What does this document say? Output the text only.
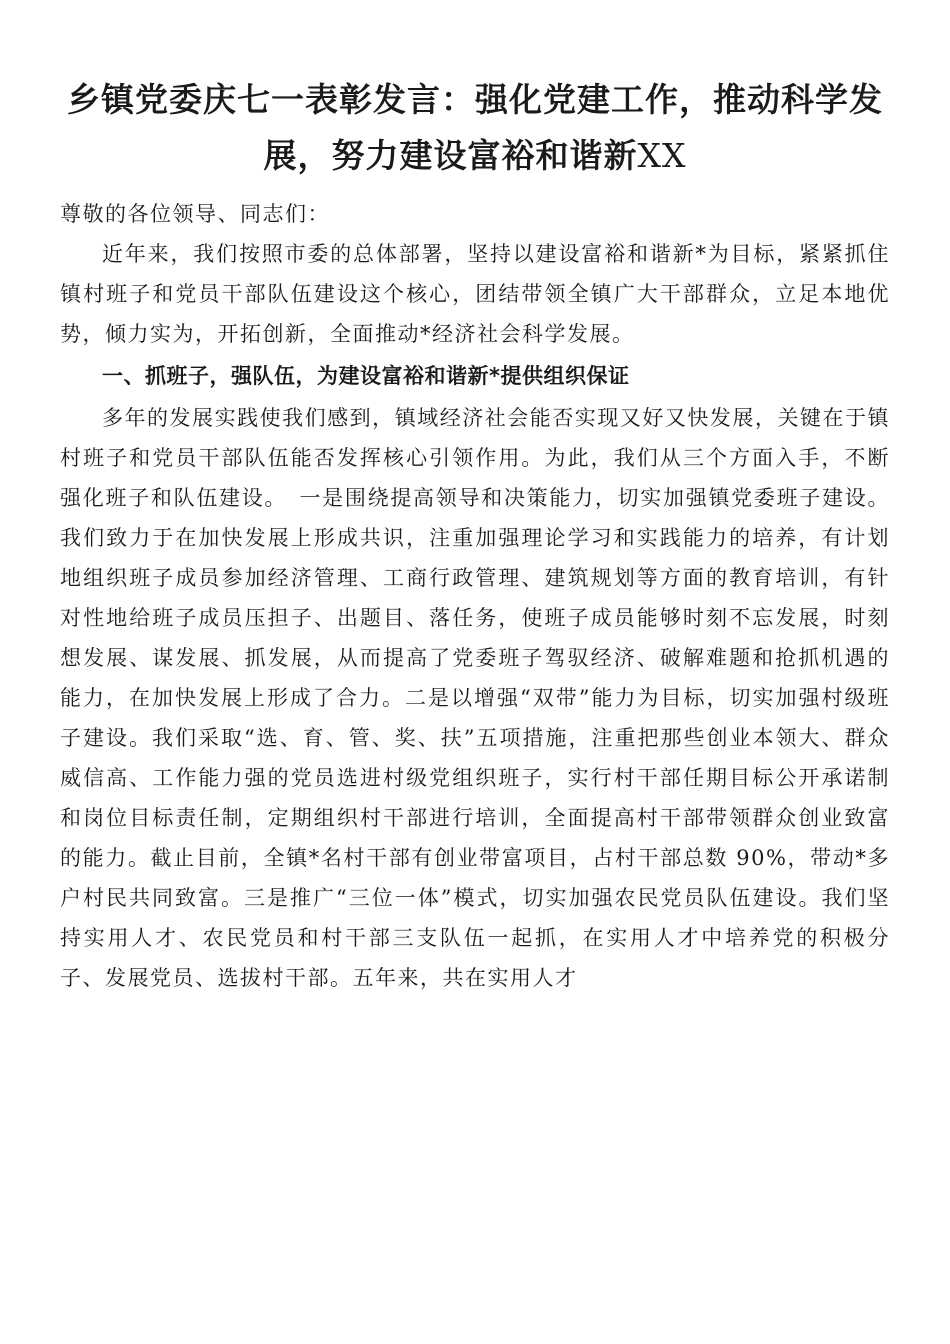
乡镇党委庆七一表彰发言：强化党建工作，推动科学发展，努力建设富裕和谐新XX

尊敬的各位领导、同志们：

近年来，我们按照市委的总体部署，坚持以建设富裕和谐新*为目标，紧紧抓住镇村班子和党员干部队伍建设这个核心，团结带领全镇广大干部群众，立足本地优势，倾力实为，开拓创新，全面推动*经济社会科学发展。

一、抓班子，强队伍，为建设富裕和谐新*提供组织保证

多年的发展实践使我们感到，镇域经济社会能否实现又好又快发展，关键在于镇村班子和党员干部队伍能否发挥核心引领作用。为此，我们从三个方面入手，不断强化班子和队伍建设。　一是围绕提高领导和决策能力，切实加强镇党委班子建设。我们致力于在加快发展上形成共识，注重加强理论学习和实践能力的培养，有计划地组织班子成员参加经济管理、工商行政管理、建筑规划等方面的教育培训，有针对性地给班子成员压担子、出题目、落任务，使班子成员能够时刻不忘发展，时刻想发展、谋发展、抓发展，从而提高了党委班子驾驭经济、破解难题和抢抓机遇的能力，在加快发展上形成了合力。二是以增强“双带”能力为目标，切实加强村级班子建设。我们采取“选、育、管、奖、扶”五项措施，注重把那些创业本领大、群众威信高、工作能力强的党员选进村级党组织班子，实行村干部任期目标公开承诺制和岗位目标责任制，定期组织村干部进行培训，全面提高村干部带领群众创业致富的能力。截止目前，全镇*名村干部有创业带富项目，占村干部总数 90%，带动*多户村民共同致富。三是推广“三位一体”模式，切实加强农民党员队伍建设。我们坚持实用人才、农民党员和村干部三支队伍一起抓，在实用人才中培养党的积极分子、发展党员、选拔村干部。五年来，共在实用人才
